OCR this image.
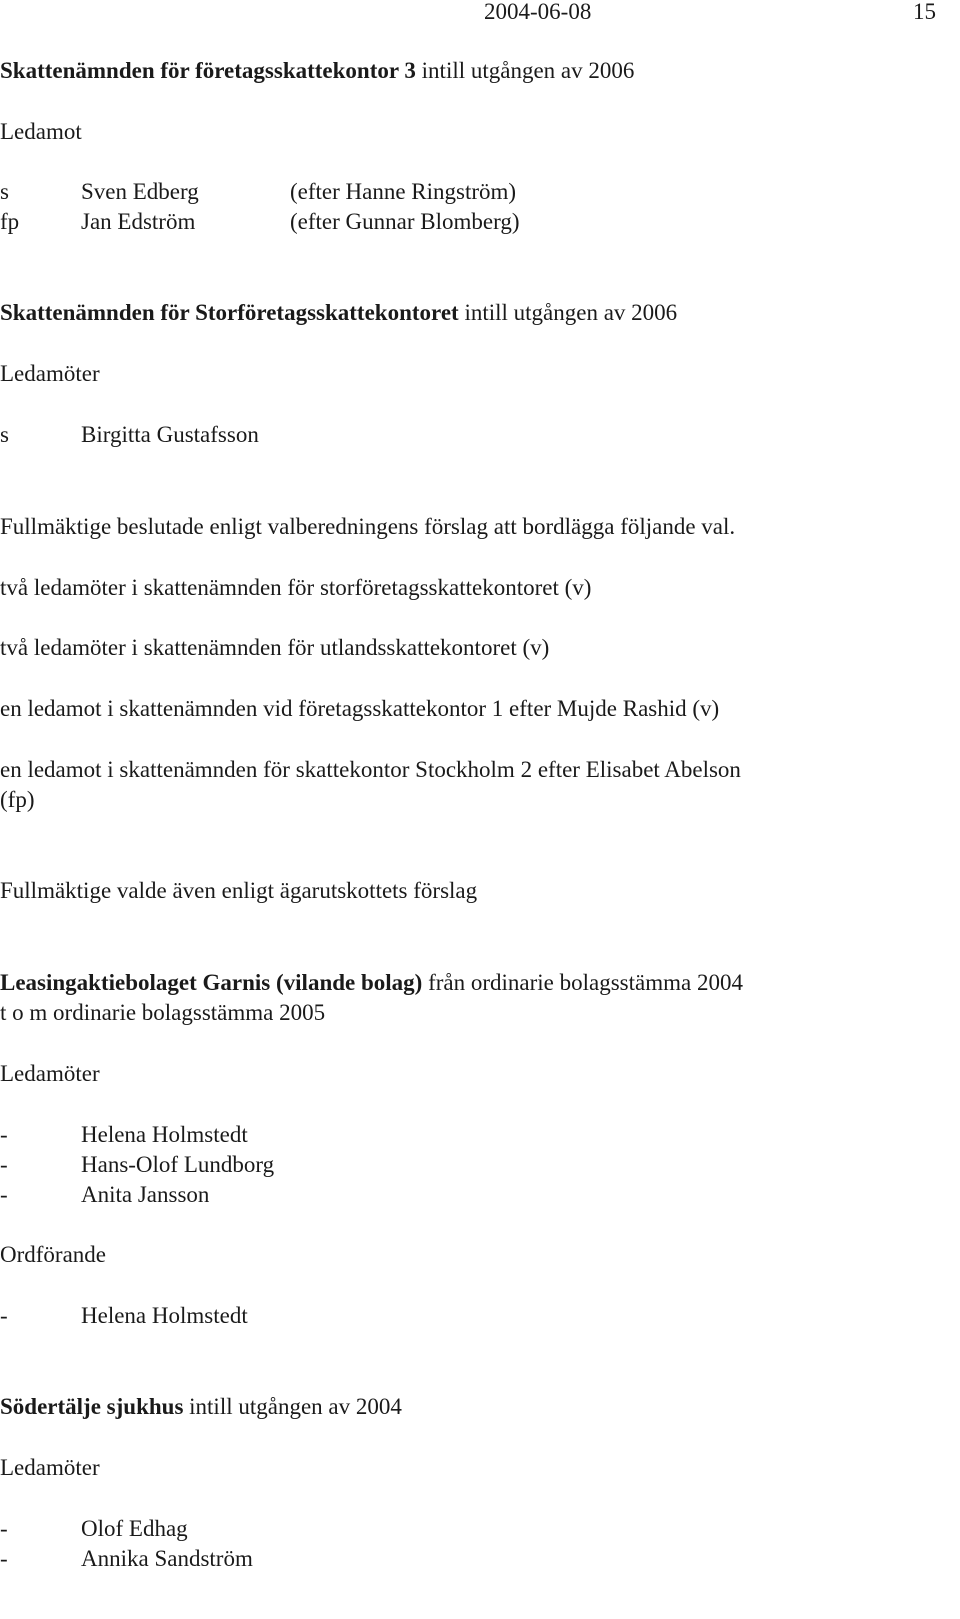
2004-06-08	15
Skattenämnden för företagsskattekontor 3 intill utgången av 2006
Ledamot
s	Sven Edberg	(efter Hanne Ringström)
fp	Jan Edström	(efter Gunnar Blomberg)
Skattenämnden för Storföretagsskattekontoret intill utgången av 2006
Ledamöter
s	Birgitta Gustafsson
Fullmäktige beslutade enligt valberedningens förslag att bordlägga följande val.
två ledamöter i skattenämnden för storföretagsskattekontoret (v)
två ledamöter i skattenämnden för utlandsskattekontoret (v)
en ledamot i skattenämnden vid företagsskattekontor 1 efter Mujde Rashid (v)
en ledamot i skattenämnden för skattekontor Stockholm 2 efter Elisabet Abelson
(fp)
Fullmäktige valde även enligt ägarutskottets förslag
Leasingaktiebolaget Garnis (vilande bolag) från ordinarie bolagsstämma 2004
t o m ordinarie bolagsstämma 2005
Ledamöter
-	Helena Holmstedt
-	Hans-Olof Lundborg
-	Anita Jansson
Ordförande
-	Helena Holmstedt
Södertälje sjukhus intill utgången av 2004
Ledamöter
-	Olof Edhag
-	Annika Sandström
